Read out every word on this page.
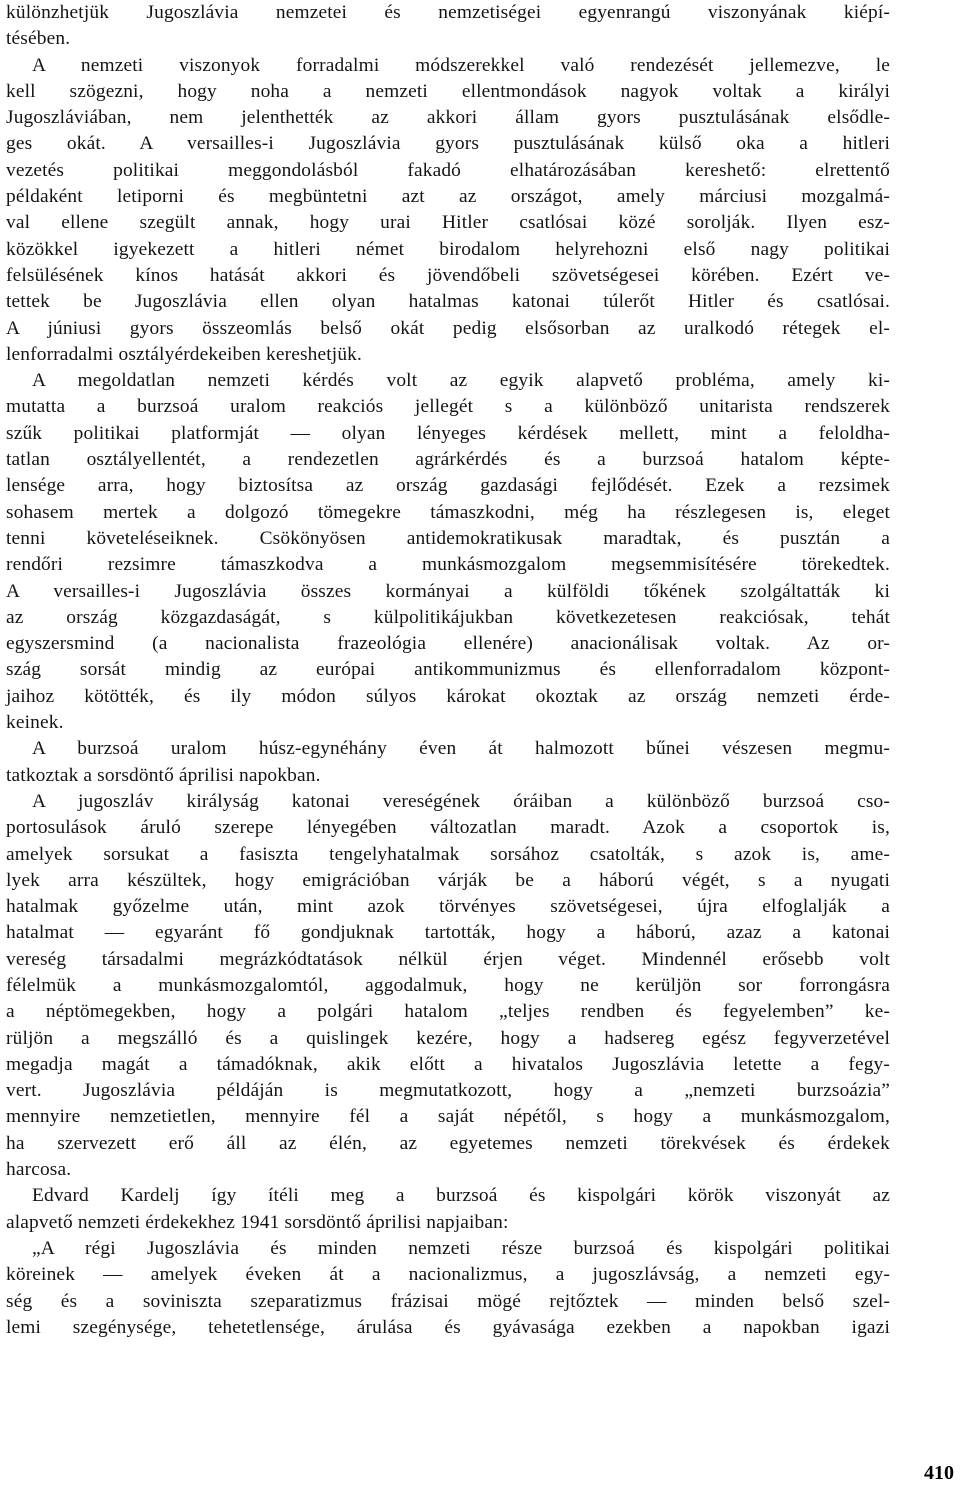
különzhetjük Jugoszlávia nemzetei és nemzetiségei egyenrangú viszonyának kiépí-
tésében.
A nemzeti viszonyok forradalmi módszerekkel való rendezését jellemezve, le
kell szögezni, hogy noha a nemzeti ellentmondások nagyok voltak a királyi
Jugoszláviában, nem jelenthették az akkori állam gyors pusztulásának elsődle-
ges okát. A versailles-i Jugoszlávia gyors pusztulásának külső oka a hitleri
vezetés politikai meggondolásból fakadó elhatározásában kereshető: elrettentő
példaként letiporni és megbüntetni azt az országot, amely márciusi mozgalmá-
val ellene szegült annak, hogy urai Hitler csatlósai közé sorolják. Ilyen esz-
közökkel igyekezett a hitleri német birodalom helyrehozni első nagy politikai
felsülésének kínos hatását akkori és jövendőbeli szövetségesei körében. Ezért ve-
tettek be Jugoszlávia ellen olyan hatalmas katonai túlerőt Hitler és csatlósai.
A júniusi gyors összeomlás belső okát pedig elsősorban az uralkodó rétegek el-
lenforradalmi osztályérdekeiben kereshetjük.
A megoldatlan nemzeti kérdés volt az egyik alapvető probléma, amely ki-
mutatta a burzsoá uralom reakciós jellegét s a különböző unitarista rendszerek
szűk politikai platformját — olyan lényeges kérdések mellett, mint a feloldha-
tatlan osztályellentét, a rendezetlen agrárkérdés és a burzsoá hatalom képte-
lensége arra, hogy biztosítsa az ország gazdasági fejlődését. Ezek a rezsimek
sohasem mertek a dolgozó tömegekre támaszkodni, még ha részlegesen is, eleget
tenni követeléseiknek. Csökönyösen antidemokratikusak maradtak, és pusztán a
rendőri rezsimre támaszkodva a munkásmozgalom megsemmisítésére törekedtek.
A versailles-i Jugoszlávia összes kormányai a külföldi tőkének szolgáltatták ki
az ország közgazdaságát, s külpolitikájukban következetesen reakciósak, tehát
egyszersmind (a nacionalista frazeológia ellenére) anacionálisak voltak. Az or-
szág sorsát mindig az európai antikommunizmus és ellenforradalom központ-
jaihoz kötötték, és ily módon súlyos károkat okoztak az ország nemzeti érde-
keinek.
A burzsoá uralom húsz-egynéhány éven át halmozott bűnei vészesen megmu-
tatkoztak a sorsdöntő áprilisi napokban.
A jugoszláv királyság katonai vereségének óráiban a különböző burzsoá cso-
portosulások áruló szerepe lényegében változatlan maradt. Azok a csoportok is,
amelyek sorsukat a fasiszta tengelyhatalmak sorsához csatolták, s azok is, ame-
lyek arra készültek, hogy emigrációban várják be a háború végét, s a nyugati
hatalmak győzelme után, mint azok törvényes szövetségesei, újra elfoglalják a
hatalmat — egyaránt fő gondjuknak tartották, hogy a háború, azaz a katonai
vereség társadalmi megrázkódtatások nélkül érjen véget. Mindennél erősebb volt
félelmük a munkásmozgalomtól, aggodalmuk, hogy ne kerüljön sor forrongásra
a néptömegekben, hogy a polgári hatalom „teljes rendben és fegyelemben” ke-
rüljön a megszálló és a quislingek kezére, hogy a hadsereg egész fegyverzetével
megadja magát a támadóknak, akik előtt a hivatalos Jugoszlávia letette a fegy-
vert. Jugoszlávia példáján is megmutatkozott, hogy a „nemzeti burzsoázia”
mennyire nemzetietlen, mennyire fél a saját népétől, s hogy a munkásmozgalom,
ha szervezett erő áll az élén, az egyetemes nemzeti törekvések és érdekek
harcosa.
Edvard Kardelj így ítéli meg a burzsoá és kispolgári körök viszonyát az
alapvető nemzeti érdekekhez 1941 sorsdöntő áprilisi napjaiban:
„A régi Jugoszlávia és minden nemzeti része burzsoá és kispolgári politikai
köreinek — amelyek éveken át a nacionalizmus, a jugoszlávság, a nemzeti egy-
ség és a soviniszta szeparatizmus frázisai mögé rejtőztek — minden belső szel-
lemi szegénysége, tehetetlensége, árulása és gyávasága ezekben a napokban igazi
410
